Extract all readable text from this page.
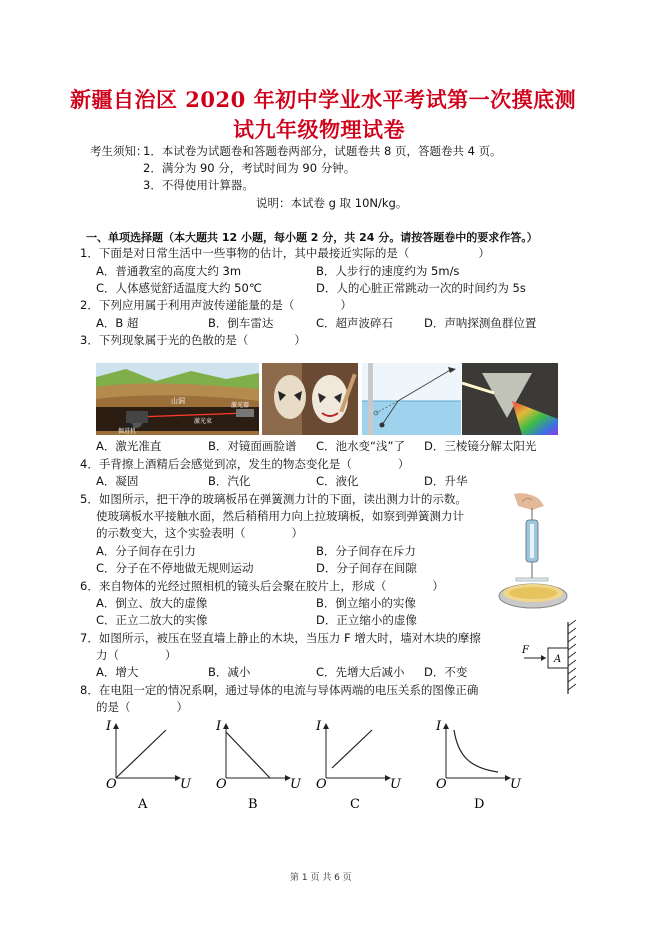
新疆自治区 2020 年初中学业水平考试第一次摸底测
试九年级物理试卷
考生须知：
1．本试卷为试题卷和答题卷两部分，试题卷共 8 页，答题卷共 4 页。
2．满分为 90 分，考试时间为 90 分钟。
3．不得使用计算器。
说明：本试卷 g 取 10N/kg。
一、单项选择题（本大题共 12 小题，每小题 2 分，共 24 分。请按答题卷中的要求作答。）
1．下面是对日常生活中一些事物的估计，其中最接近实际的是（　　　　　　）
A．普通教室的高度大约 3m	B．人步行的速度约为 5m/s
C．人体感觉舒适温度大约 50℃	D．人的心脏正常跳动一次的时间约为 5s
2．下列应用属于利用声波传递能量的是（　　　　）
A．B 超	B．倒车雷达	C．超声波碎石	D．声呐探测鱼群位置
3．下列现象属于光的色散的是（　　　　）
山洞
掘进机
激光束
激光器
A．激光准直	B．对镜面画脸谱 C．池水变“浅”了 D．三棱镜分解太阳光
4．手背擦上酒精后会感觉到凉，发生的物态变化是（　　　　）
A．凝固	B．汽化	C．液化	D．升华
5．如图所示，把干净的玻璃板吊在弹簧测力计的下面，读出测力计的示数。
使玻璃板水平接触水面，然后稍稍用力向上拉玻璃板，如察到弹簧测力计
的示数变大，这个实验表明（　　　　）
A．分子间存在引力	B．分子间存在斥力
C．分子在不停地做无规则运动	D．分子间存在间隙
6．来自物体的光经过照相机的镜头后会聚在胶片上，形成（　　　　）
A．倒立、放大的虚像	B．倒立缩小的实像
C．正立二放大的实像	D．正立缩小的虚像
7．如图所示，被压在竖直墙上静止的木块，当压力 F 增大时，墙对木块的摩擦
力（　　　　）
A．增大	B．减小	C．先增大后减小 D．不变
A
F
8．在电阻一定的情况系啊，通过导体的电流与导体两端的电压关系的图像正确
的是（　　　　）
I
U
O
A
I
U
O
B
I
U
O
C
I
U
O
D
第 1 页 共 6 页
